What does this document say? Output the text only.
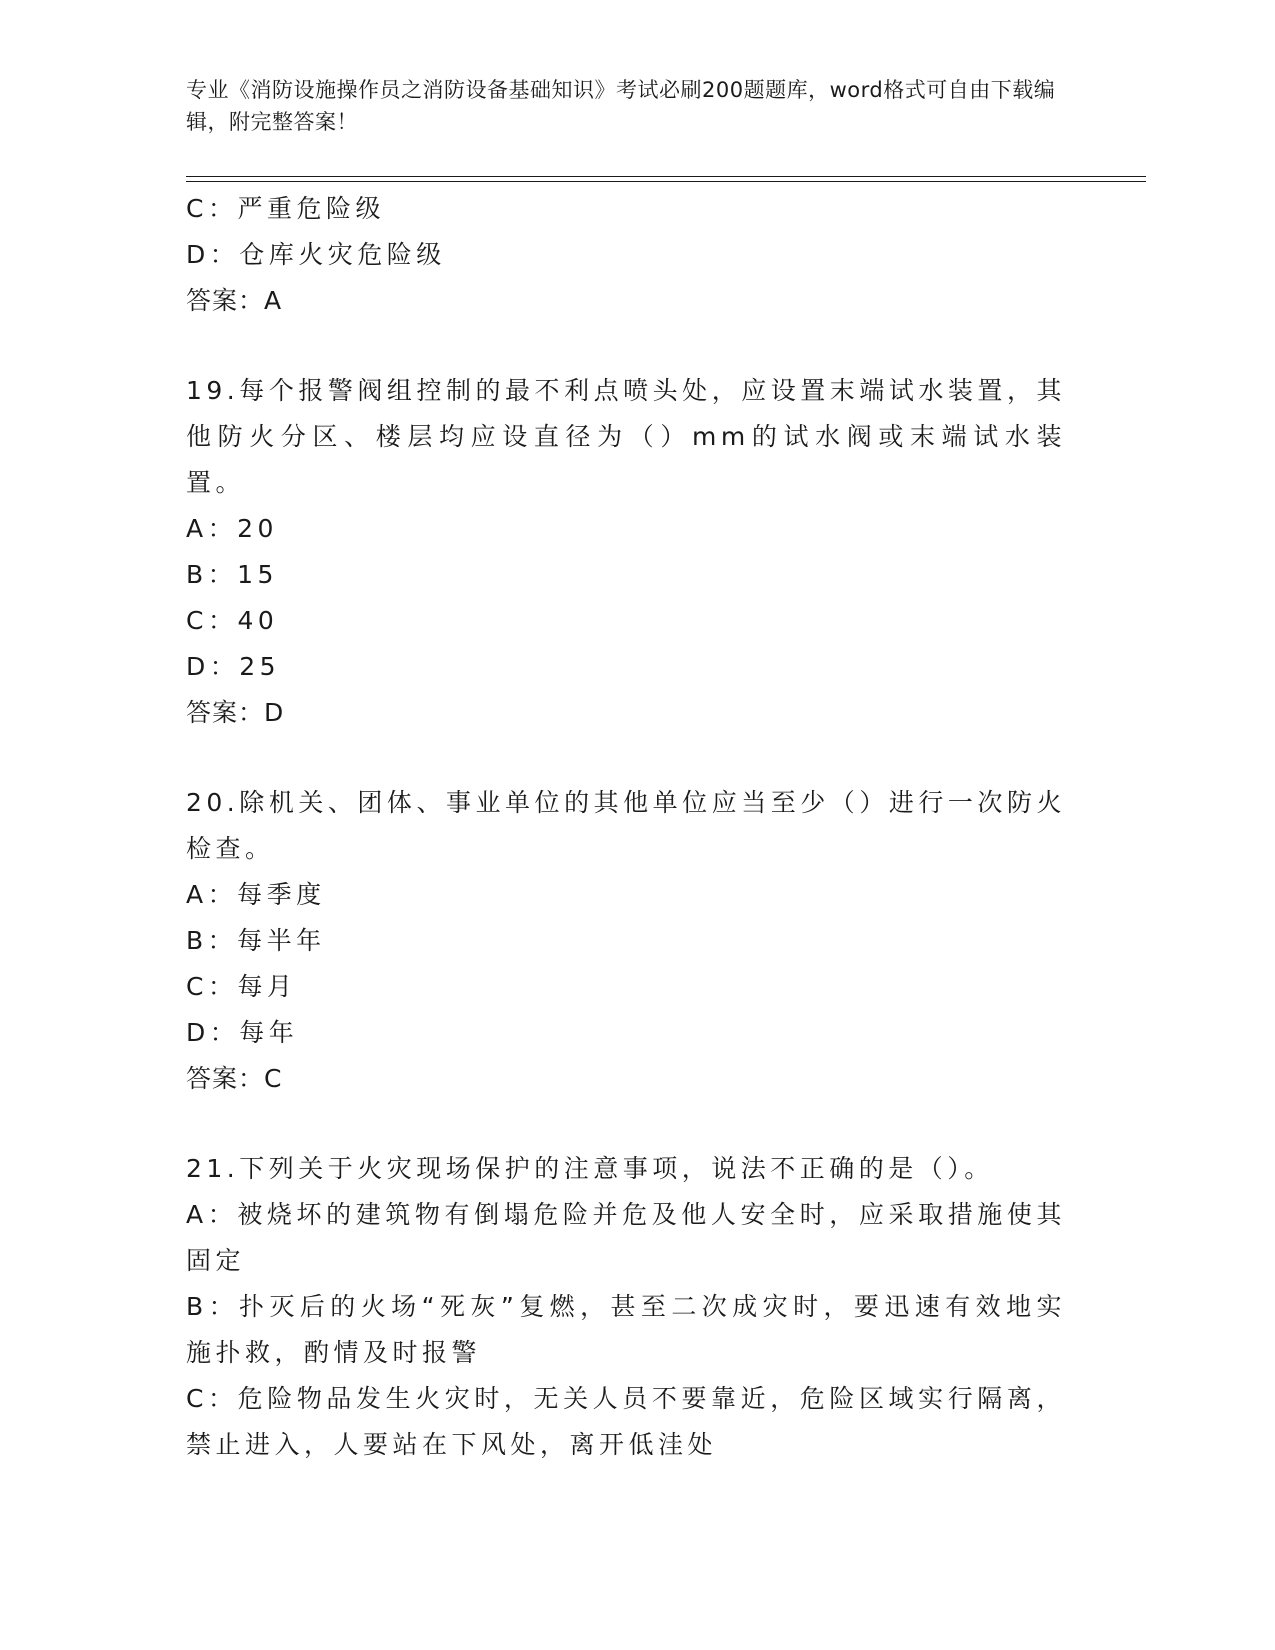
专业《消防设施操作员之消防设备基础知识》考试必刷200题题库，word格式可自由下载编辑，附完整答案！
C：严重危险级
D：仓库火灾危险级
答案：A
19.每个报警阀组控制的最不利点喷头处，应设置末端试水装置，其他防火分区、楼层均应设直径为（）mm的试水阀或末端试水装置。
A：20
B：15
C：40
D：25
答案：D
20.除机关、团体、事业单位的其他单位应当至少（）进行一次防火检查。
A：每季度
B：每半年
C：每月
D：每年
答案：C
21.下列关于火灾现场保护的注意事项，说法不正确的是（）。
A：被烧坏的建筑物有倒塌危险并危及他人安全时，应采取措施使其固定
B：扑灭后的火场“死灰”复燃，甚至二次成灾时，要迅速有效地实施扑救，酌情及时报警
C：危险物品发生火灾时，无关人员不要靠近，危险区域实行隔离，禁止进入，人要站在下风处，离开低洼处
